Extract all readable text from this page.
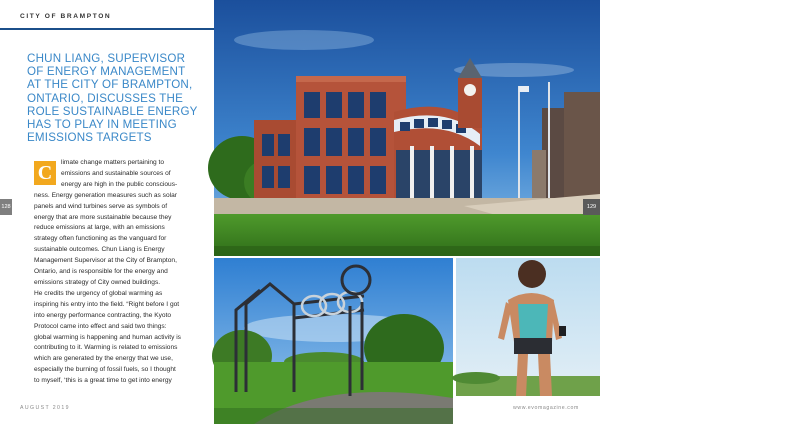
CITY OF BRAMPTON
CHUN LIANG, SUPERVISOR OF ENERGY MANAGEMENT AT THE CITY OF BRAMPTON, ONTARIO, DISCUSSES THE ROLE SUSTAINABLE ENERGY HAS TO PLAY IN MEETING EMISSIONS TARGETS
C	limate change matters pertaining to
emissions and sustainable sources of
energy are high in the public conscious-
ness. Energy generation measures such as solar
panels and wind turbines serve as symbols of
energy that are more sustainable because they
reduce emissions at large, with an emissions
strategy often functioning as the vanguard for
sustainable outcomes. Chun Liang is Energy
Management Supervisor at the City of Brampton,
Ontario, and is responsible for the energy and
emissions strategy of City owned buildings.
He credits the urgency of global warming as
inspiring his entry into the field. “Right before I got
into energy performance contracting, the Kyoto
Protocol came into effect and said two things:
global warming is happening and human activity is
contributing to it. Warming is related to emissions
which are generated by the energy that we use,
especially the burning of fossil fuels, so I thought
to myself, ‘this is a great time to get into energy

128
AUGUST 2019	www.evomagazine.com
Photos courtesy of the City of Brampton
129
